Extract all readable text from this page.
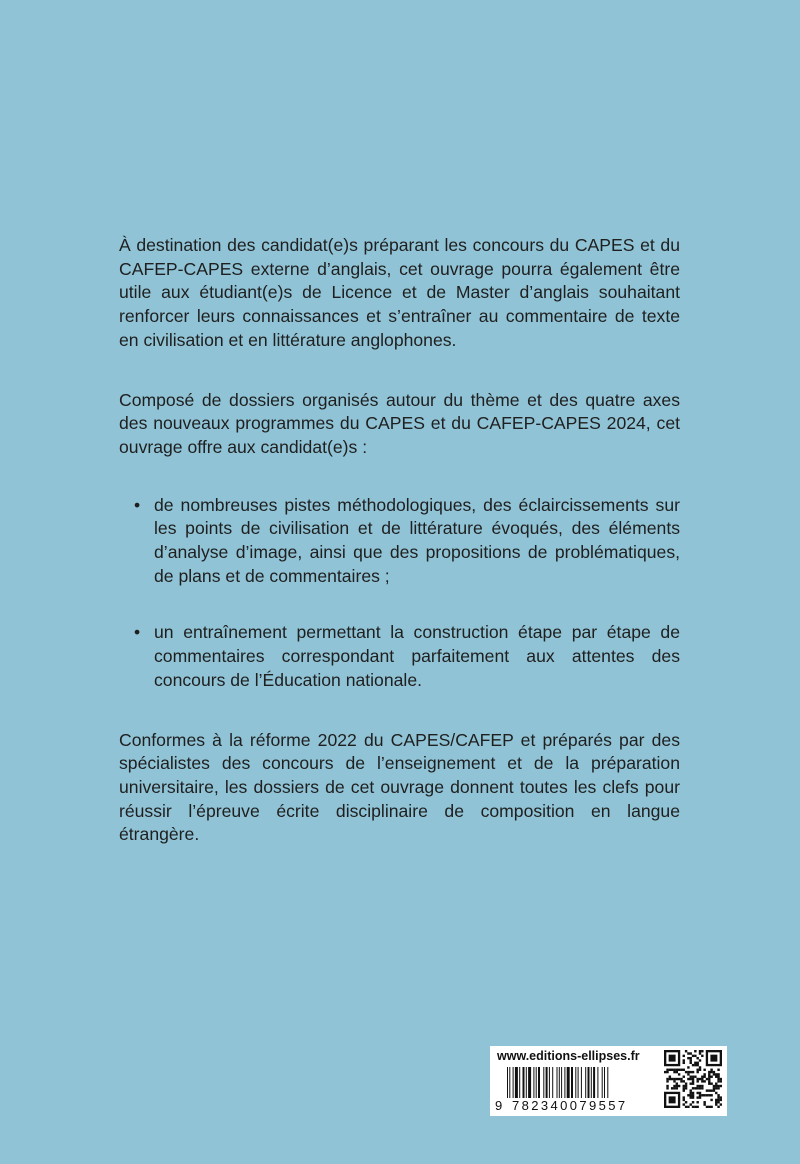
À destination des candidat(e)s préparant les concours du CAPES et du CAFEP-CAPES externe d’anglais, cet ouvrage pourra également être utile aux étudiant(e)s de Licence et de Master d’anglais souhaitant renforcer leurs connaissances et s’entraîner au commentaire de texte en civilisation et en littérature anglophones.

Composé de dossiers organisés autour du thème et des quatre axes des nouveaux programmes du CAPES et du CAFEP-CAPES 2024, cet ouvrage offre aux candidat(e)s :

• de nombreuses pistes méthodologiques, des éclaircissements sur les points de civilisation et de littérature évoqués, des éléments d’analyse d’image, ainsi que des propositions de problématiques, de plans et de commentaires ;
• un entraînement permettant la construction étape par étape de commentaires correspondant parfaitement aux attentes des concours de l’Éducation nationale.

Conformes à la réforme 2022 du CAPES/CAFEP et préparés par des spécialistes des concours de l’enseignement et de la préparation universitaire, les dossiers de cet ouvrage donnent toutes les clefs pour réussir l’épreuve écrite disciplinaire de composition en langue étrangère.

www.editions-ellipses.fr
9 782340079557
